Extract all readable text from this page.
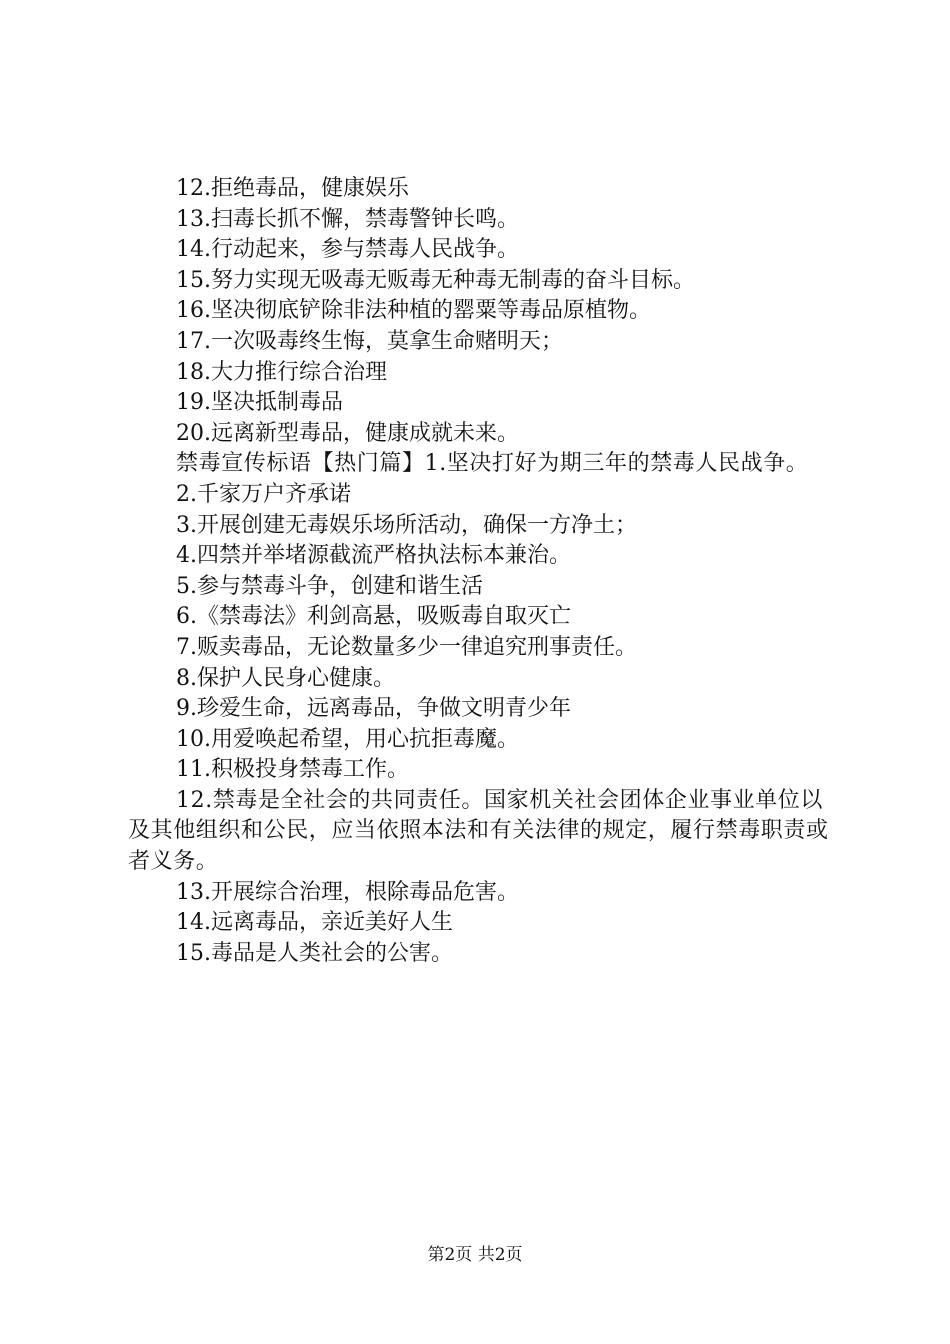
12.拒绝毒品，健康娱乐

13.扫毒长抓不懈，禁毒警钟长鸣。

14.行动起来，参与禁毒人民战争。

15.努力实现无吸毒无贩毒无种毒无制毒的奋斗目标。

16.坚决彻底铲除非法种植的罂粟等毒品原植物。

17.一次吸毒终生悔，莫拿生命赌明天；

18.大力推行综合治理

19.坚决抵制毒品

20.远离新型毒品，健康成就未来。

禁毒宣传标语【热门篇】1.坚决打好为期三年的禁毒人民战争。

2.千家万户齐承诺

3.开展创建无毒娱乐场所活动，确保一方净土；

4.四禁并举堵源截流严格执法标本兼治。

5.参与禁毒斗争，创建和谐生活

6.《禁毒法》利剑高悬，吸贩毒自取灭亡

7.贩卖毒品，无论数量多少一律追究刑事责任。

8.保护人民身心健康。

9.珍爱生命，远离毒品，争做文明青少年

10.用爱唤起希望，用心抗拒毒魔。

11.积极投身禁毒工作。

12.禁毒是全社会的共同责任。国家机关社会团体企业事业单位以及其他组织和公民，应当依照本法和有关法律的规定，履行禁毒职责或者义务。

13.开展综合治理，根除毒品危害。

14.远离毒品，亲近美好人生

15.毒品是人类社会的公害。

第2页 共2页
